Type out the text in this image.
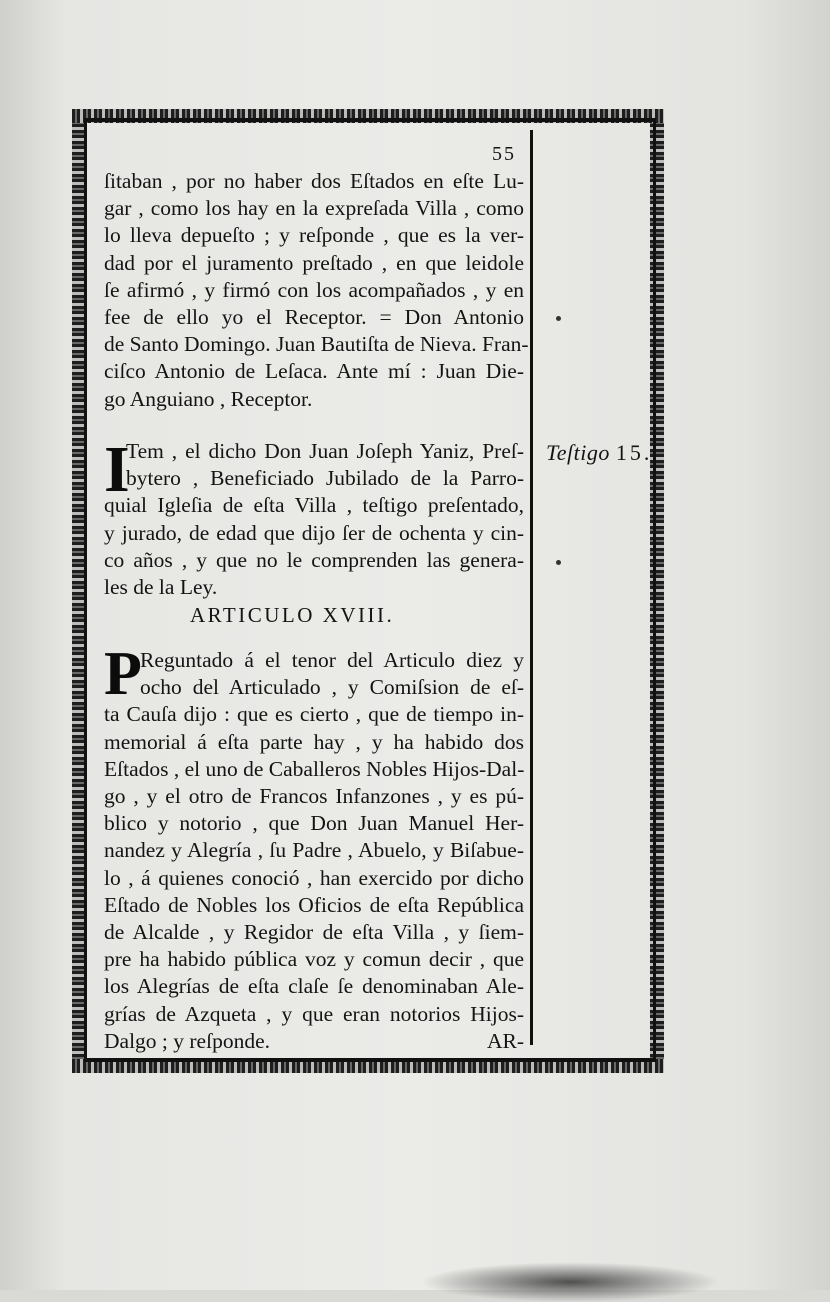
55
ſitaban , por no haber dos Eſtados en eſte Lu-
gar , como los hay en la expreſada Villa , como
lo lleva depueſto ; y reſponde , que es la ver-
dad por el juramento preſtado , en que leidole
ſe afirmó , y firmó con los acompañados , y en
fee de ello yo el Receptor. = Don Antonio
de Santo Domingo. Juan Bautiſta de Nieva. Fran-
ciſco Antonio de Leſaca. Ante mí : Juan Die-
go Anguiano , Receptor.
I
Tem , el dicho Don Juan Joſeph Yaniz, Preſ-
bytero , Beneficiado Jubilado de la Parro-
quial Igleſia de eſta Villa , teſtigo preſentado,
y jurado, de edad que dijo ſer de ochenta y cin-
co años , y que no le comprenden las genera-
les de la Ley.
ARTICULO XVIII.
P
Reguntado á el tenor del Articulo diez y
ocho del Articulado , y Comiſsion de eſ-
ta Cauſa dijo : que es cierto , que de tiempo in-
memorial á eſta parte hay , y ha habido dos
Eſtados , el uno de Caballeros Nobles Hijos-Dal-
go , y el otro de Francos Infanzones , y es pú-
blico y notorio , que Don Juan Manuel Her-
nandez y Alegría , ſu Padre , Abuelo, y Biſabue-
lo , á quienes conoció , han exercido por dicho
Eſtado de Nobles los Oficios de eſta República
de Alcalde , y Regidor de eſta Villa , y ſiem-
pre ha habido pública voz y comun decir , que
los Alegrías de eſta claſe ſe denominaban Ale-
grías de Azqueta , y que eran notorios Hijos-
Dalgo ; y reſponde.	AR-
Teſtigo 15.
